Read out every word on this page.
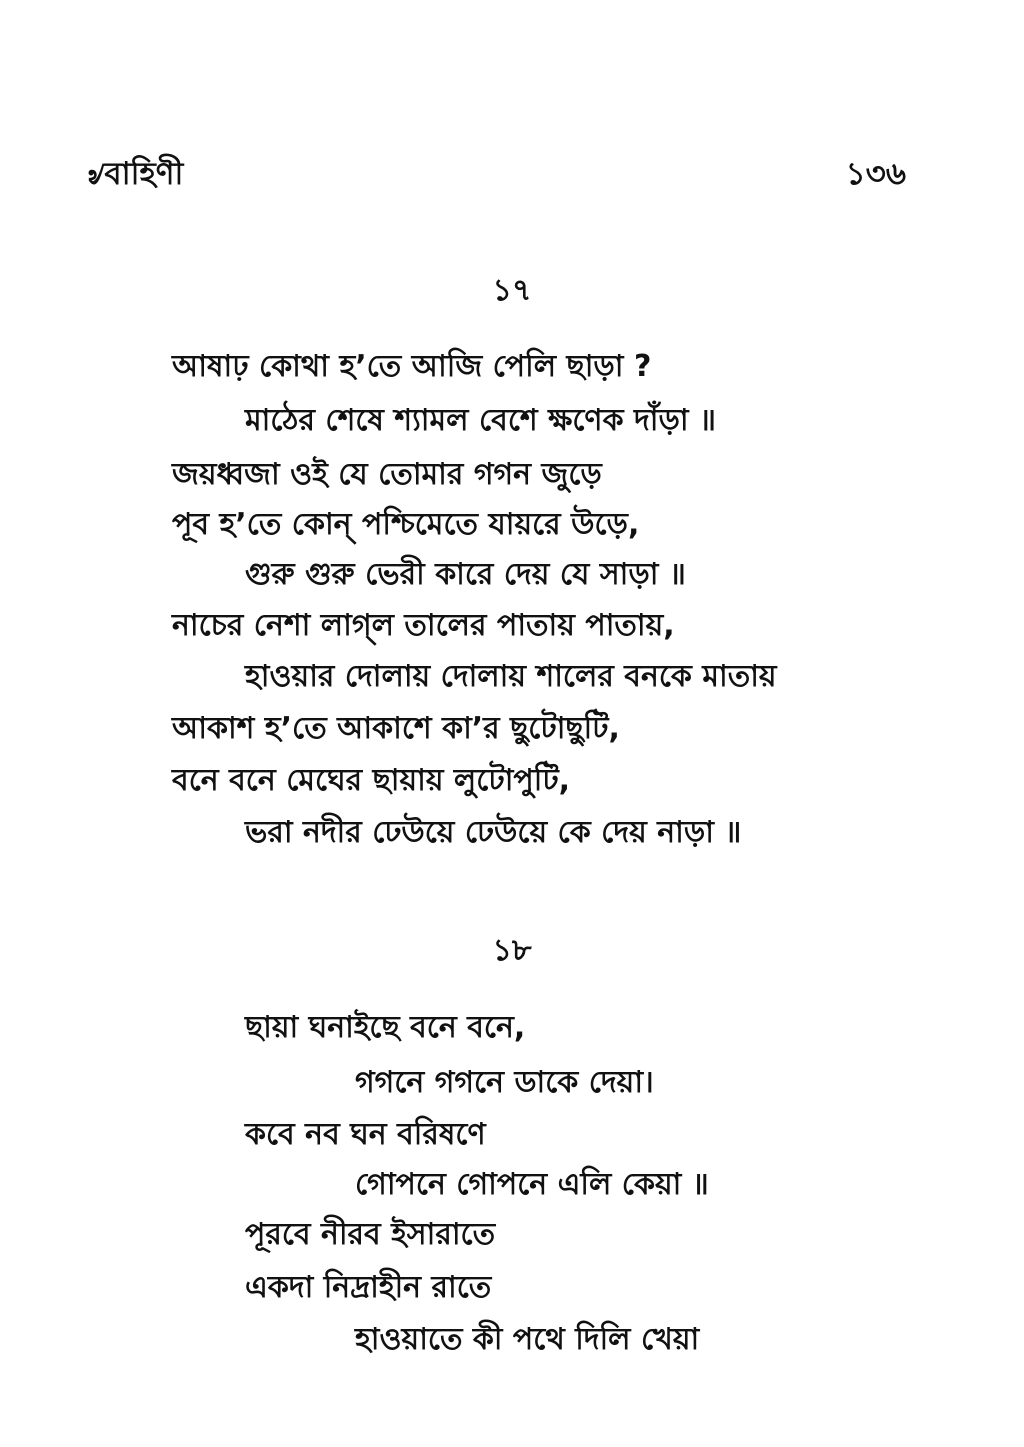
৶বাহিণী	১৩৬
১৭
আষাঢ় কোথা হ’তে আজি পেলি ছাড়া ?
মাঠের শেষে শ্যামল বেশে ক্ষণেক দাঁড়া ॥
জয়ধ্বজা ওই যে তোমার গগন জুড়ে
পূব হ’তে কোন্ পশ্চিমেতে যায়রে উড়ে,
গুরু গুরু ভেরী কারে দেয় যে সাড়া ॥
নাচের নেশা লাগ্‌ল তালের পাতায় পাতায়,
হাওয়ার দোলায় দোলায় শালের বনকে মাতায়
আকাশ হ’তে আকাশে কা’র ছুটোছুটি,
বনে বনে মেঘের ছায়ায় লুটোপুটি,
ভরা নদীর ঢেউয়ে ঢেউয়ে কে দেয় নাড়া ॥
১৮
ছায়া ঘনাইছে বনে বনে,
গগনে গগনে ডাকে দেয়া।
কবে নব ঘন বরিষণে
গোপনে গোপনে এলি কেয়া ॥
পূরবে নীরব ইসারাতে
একদা নিদ্রাহীন রাতে
হাওয়াতে কী পথে দিলি খেয়া
